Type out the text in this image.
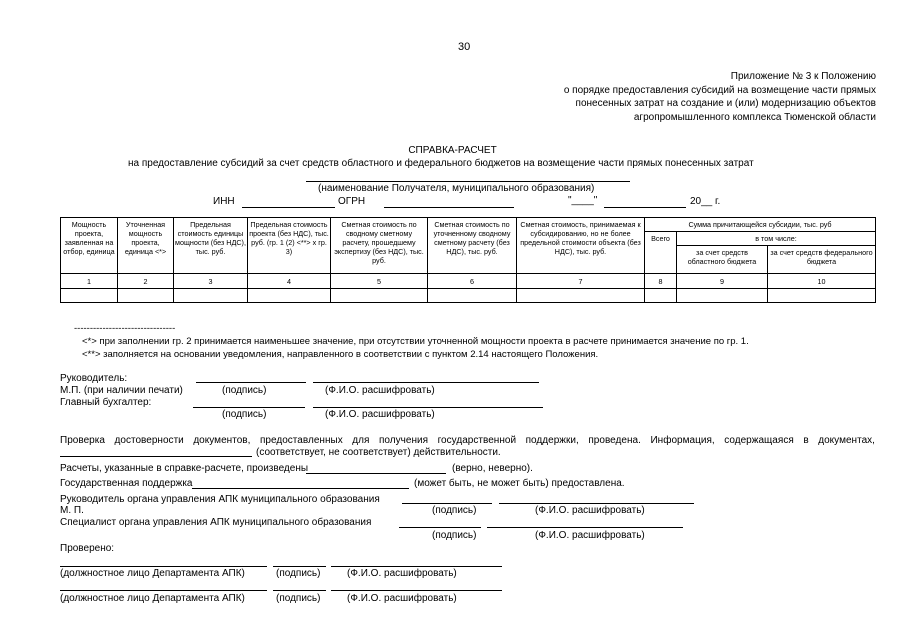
30
Приложение № 3 к Положению
о порядке предоставления субсидий на возмещение части прямых
понесенных затрат на создание и (или) модернизацию объектов
агропромышленного комплекса Тюменской области
СПРАВКА-РАСЧЕТ
на предоставление субсидий за счет средств областного и федерального бюджетов на возмещение части прямых понесенных затрат
(наименование Получателя, муниципального образования)
ИНН	ОГРН	"____"	20__ г.
Мощность проекта, заявленная на отбор, единица	Уточненная мощность проекта, единица <*>	Предельная стоимость единицы мощности (без НДС), тыс. руб.	Предельная стоимость проекта (без НДС), тыс. руб. (гр. 1 (2) <**> x гр. 3)	Сметная стоимость по сводному сметному расчету, прошедшему экспертизу (без НДС), тыс. руб.	Сметная стоимость по уточненному сводному сметному расчету (без НДС), тыс. руб.	Сметная стоимость, принимаемая к субсидированию, но не более предельной стоимости объекта (без НДС), тыс. руб.	Сумма причитающейся субсидии, тыс. руб		
							Всего	в том числе:	
								за счет средств областного бюджета	за счет средств федерального бюджета
1	2	3	4	5	6	7	8	9	10

--------------------------------
<*> при заполнении гр. 2 принимается наименьшее значение, при отсутствии уточненной мощности проекта в расчете принимается значение по гр. 1.
<**> заполняется на основании уведомления, направленного в соответствии с пунктом 2.14 настоящего Положения.
Руководитель:
М.П. (при наличии печати)	(подпись)	(Ф.И.О. расшифровать)
Главный бухгалтер:
(подпись)	(Ф.И.О. расшифровать)
Проверка достоверности документов, предоставленных для получения государственной поддержки, проведена. Информация, содержащаяся в документах,
(соответствует, не соответствует) действительности.
Расчеты, указанные в справке-расчете, произведены	(верно, неверно).
Государственная поддержка	(может быть, не может быть) предоставлена.
Руководитель органа управления АПК муниципального образования
М. П.	(подпись)	(Ф.И.О. расшифровать)
Специалист органа управления АПК муниципального образования
(подпись)	(Ф.И.О. расшифровать)
Проверено:
(должностное лицо Департамента АПК)	(подпись)	(Ф.И.О. расшифровать)
(должностное лицо Департамента АПК)	(подпись)	(Ф.И.О. расшифровать)
